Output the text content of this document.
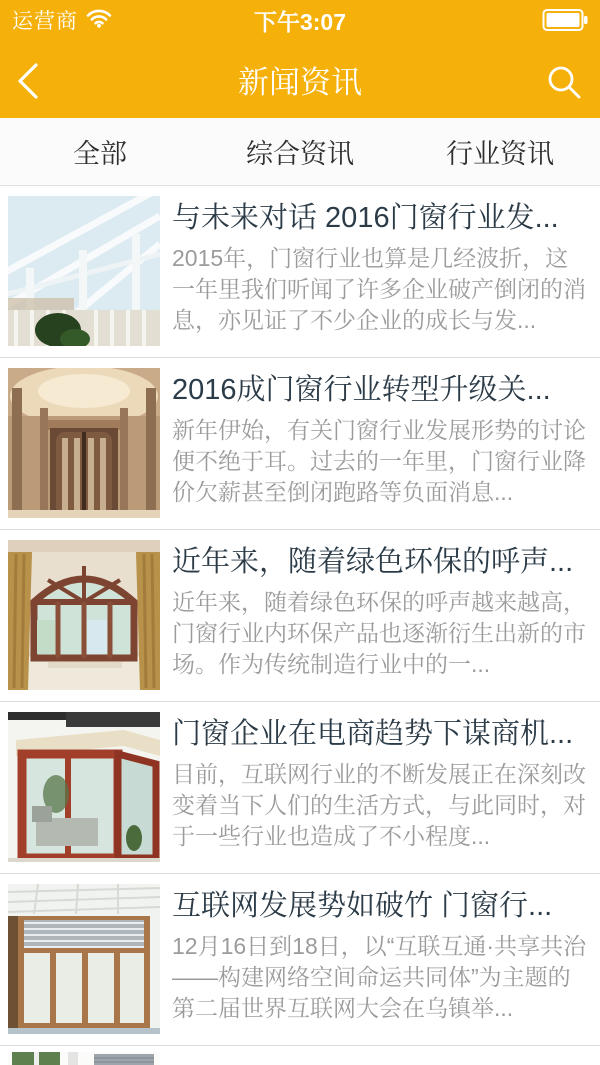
运营商	下午3:07
新闻资讯
全部	综合资讯	行业资讯
与未来对话 2016门窗行业发...
2015年，门窗行业也算是几经波折，这一年里我们听闻了许多企业破产倒闭的消息，亦见证了不少企业的成长与发...
2016成门窗行业转型升级关...
新年伊始，有关门窗行业发展形势的讨论便不绝于耳。过去的一年里，门窗行业降价欠薪甚至倒闭跑路等负面消息...
近年来，随着绿色环保的呼声...
近年来，随着绿色环保的呼声越来越高，门窗行业内环保产品也逐渐衍生出新的市场。作为传统制造行业中的一...
门窗企业在电商趋势下谋商机...
目前，互联网行业的不断发展正在深刻改变着当下人们的生活方式，与此同时，对于一些行业也造成了不小程度...
互联网发展势如破竹 门窗行...
12月16日到18日，以“互联互通·共享共治——构建网络空间命运共同体”为主题的第二届世界互联网大会在乌镇举...
